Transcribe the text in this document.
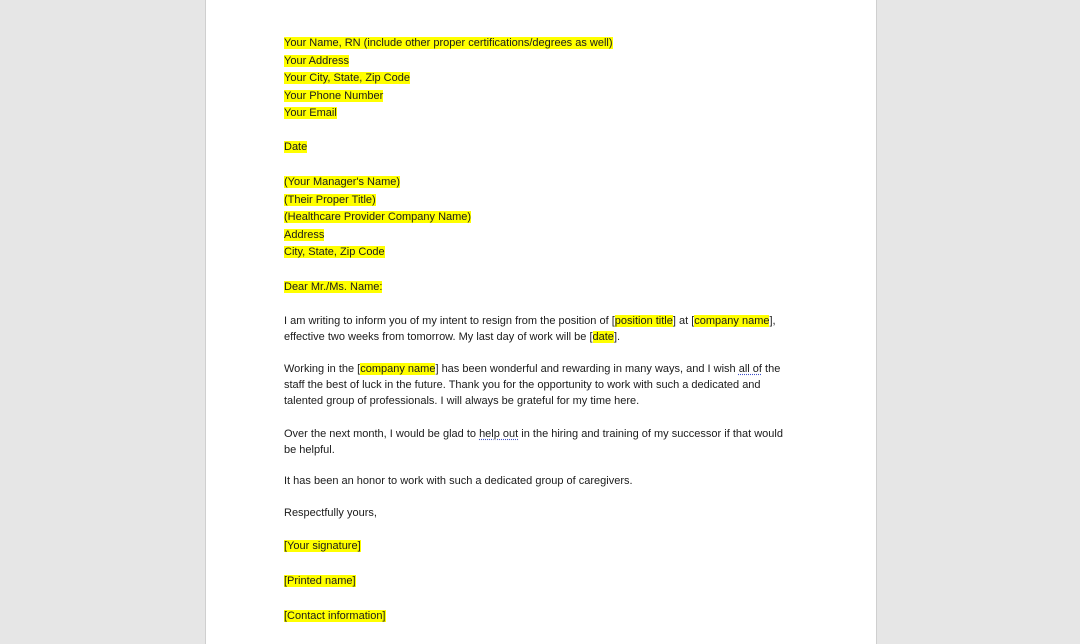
Your Name, RN (include other proper certifications/degrees as well)
Your Address
Your City, State, Zip Code
Your Phone Number
Your Email
Date
(Your Manager's Name)
(Their Proper Title)
(Healthcare Provider Company Name)
Address
City, State, Zip Code
Dear Mr./Ms. Name:
I am writing to inform you of my intent to resign from the position of [position title] at [company name],
effective two weeks from tomorrow. My last day of work will be [date].
Working in the [company name] has been wonderful and rewarding in many ways, and I wish all of the
staff the best of luck in the future. Thank you for the opportunity to work with such a dedicated and
talented group of professionals. I will always be grateful for my time here.
Over the next month, I would be glad to help out in the hiring and training of my successor if that would
be helpful.
It has been an honor to work with such a dedicated group of caregivers.
Respectfully yours,
[Your signature]
[Printed name]
[Contact information]
